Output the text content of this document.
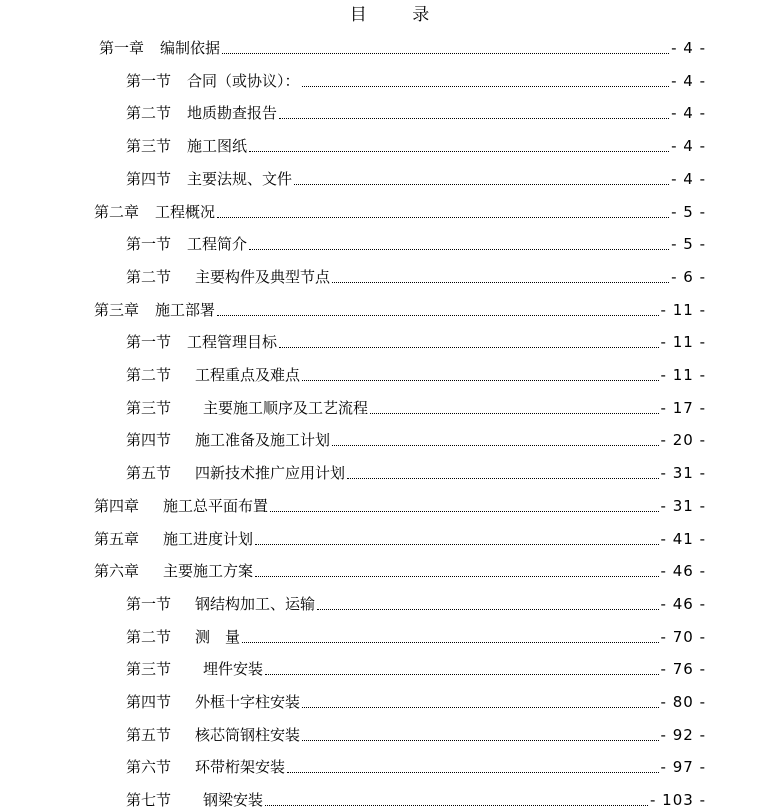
目 录
第一章 编制依据	- 4 -
第一节 合同（或协议）：	- 4 -
第二节 地质勘查报告	- 4 -
第三节 施工图纸	- 4 -
第四节 主要法规、文件	- 4 -
第二章 工程概况	- 5 -
第一节 工程简介	- 5 -
第二节 主要构件及典型节点	- 6 -
第三章 施工部署	- 11 -
第一节 工程管理目标	- 11 -
第二节 工程重点及难点	- 11 -
第三节 主要施工顺序及工艺流程	- 17 -
第四节 施工准备及施工计划	- 20 -
第五节 四新技术推广应用计划	- 31 -
第四章 施工总平面布置	- 31 -
第五章 施工进度计划	- 41 -
第六章 主要施工方案	- 46 -
第一节 钢结构加工、运输	- 46 -
第二节 测　量	- 70 -
第三节 埋件安装	- 76 -
第四节 外框十字柱安装	- 80 -
第五节 核芯筒钢柱安装	- 92 -
第六节 环带桁架安装	- 97 -
第七节 钢梁安装	- 103 -
